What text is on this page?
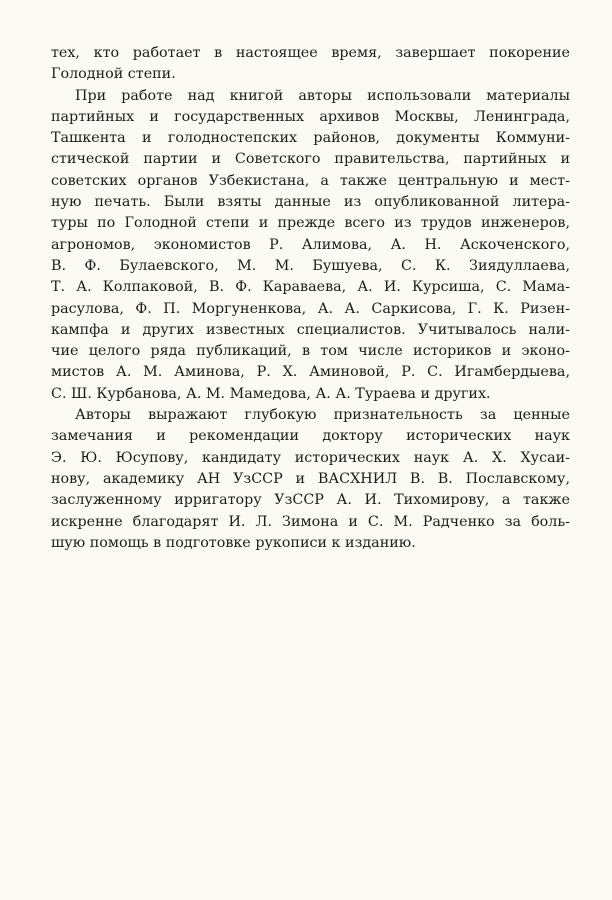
тех, кто работает в настоящее время, завершает покорение
Голодной степи.
При работе над книгой авторы использовали материалы
партийных и государственных архивов Москвы, Ленинграда,
Ташкента и голодностепских районов, документы Коммуни-
стической партии и Советского правительства, партийных и
советских органов Узбекистана, а также центральную и мест-
ную печать. Были взяты данные из опубликованной литера-
туры по Голодной степи и прежде всего из трудов инженеров,
агрономов, экономистов Р. Алимова, А. Н. Аскоченского,
В. Ф. Булаевского, М. М. Бушуева, С. К. Зиядуллаева,
Т. А. Колпаковой, В. Ф. Караваева, А. И. Курсиша, С. Мама-
расулова, Ф. П. Моргуненкова, А. А. Саркисова, Г. К. Ризен-
кампфа и других известных специалистов. Учитывалось нали-
чие целого ряда публикаций, в том числе историков и эконо-
мистов А. М. Аминова, Р. Х. Аминовой, Р. С. Игамбердыева,
С. Ш. Курбанова, А. М. Мамедова, А. А. Тураева и других.
Авторы выражают глубокую признательность за ценные
замечания и рекомендации доктору исторических наук
Э. Ю. Юсупову, кандидату исторических наук А. Х. Хусаи-
нову, академику АН УзССР и ВАСХНИЛ В. В. Пославскому,
заслуженному ирригатору УзССР А. И. Тихомирову, а также
искренне благодарят И. Л. Зимона и С. М. Радченко за боль-
шую помощь в подготовке рукописи к изданию.
